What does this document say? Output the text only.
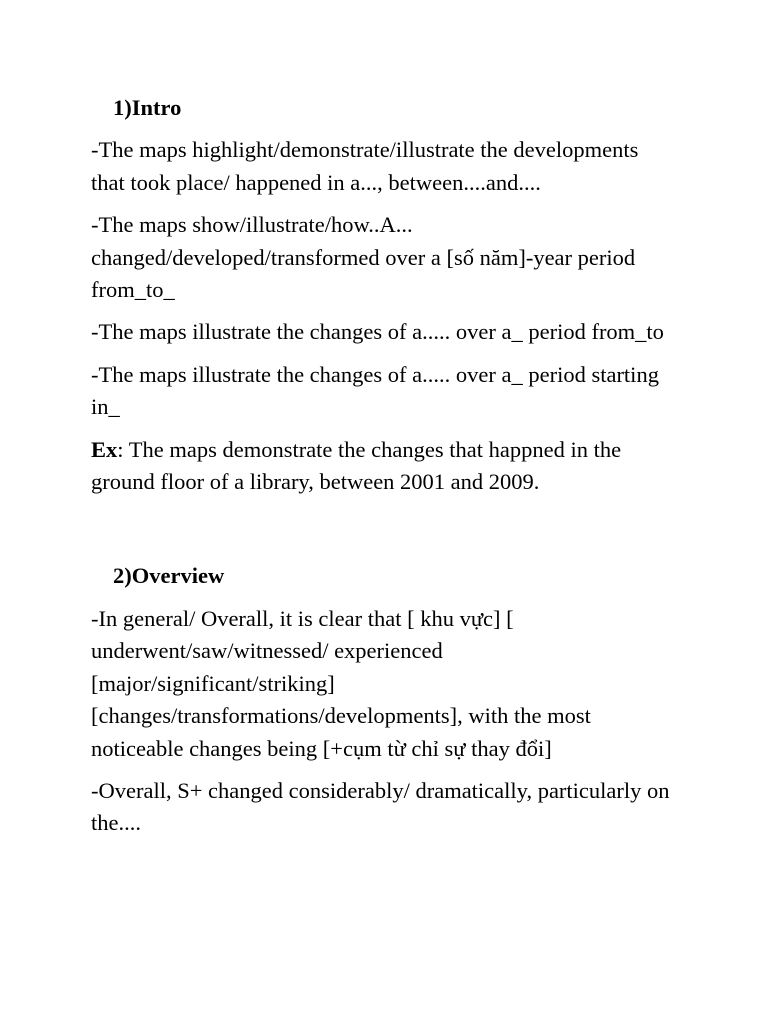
1) Intro

-The maps highlight/demonstrate/illustrate the developments that took place/ happened in a..., between....and....

-The maps show/illustrate/how..A... changed/developed/transformed over a [số năm]-year period from_to_

-The maps illustrate the changes of a..... over a_ period from_to

-The maps illustrate the changes of a..... over a_ period starting in_

Ex: The maps demonstrate the changes that happned in the ground floor of a library, between 2001 and 2009.

2) Overview

-In general/ Overall, it is clear that [ khu vực] [ underwent/saw/witnessed/ experienced [major/significant/striking] [changes/transformations/developments], with the most noticeable changes being [+cụm từ chỉ sự thay đổi]

-Overall, S+ changed considerably/ dramatically, particularly on the....
